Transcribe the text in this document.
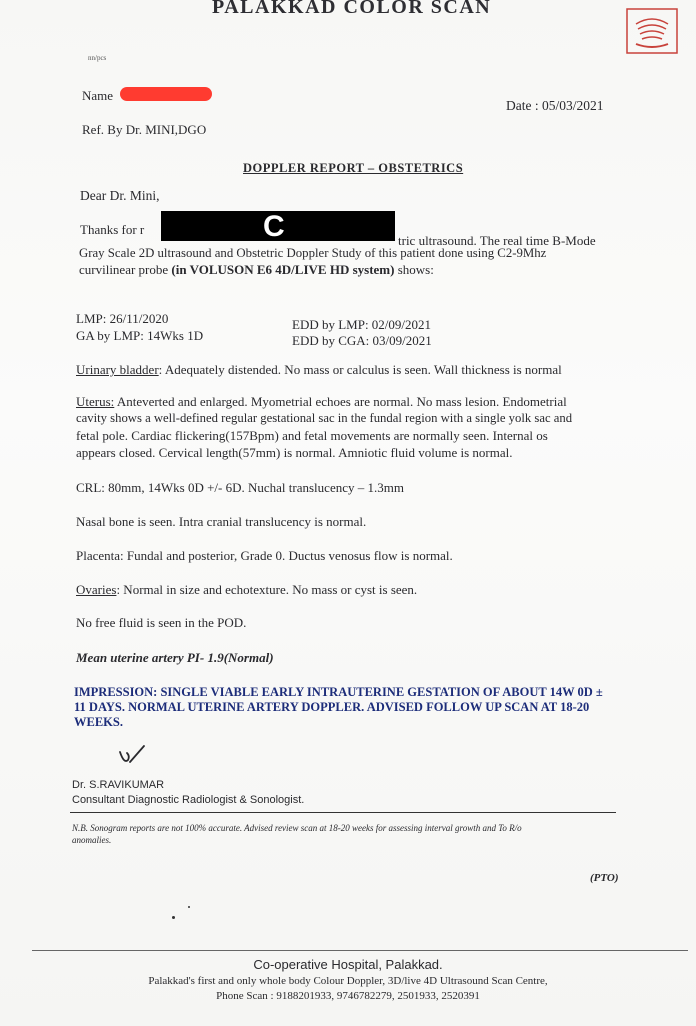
PALAKKAD COLOR SCAN
nn/pcs
Name
Date : 05/03/2021
Ref. By Dr. MINI,DGO
DOPPLER REPORT – OBSTETRICS
Dear Dr. Mini,
Thanks for r
tric ultrasound. The real time B-Mode
Gray Scale 2D ultrasound and Obstetric Doppler Study of this patient done using C2-9Mhz
C
curvilinear probe (in VOLUSON E6 4D/LIVE HD system) shows:
LMP: 26/11/2020
GA by LMP: 14Wks 1D
EDD by LMP: 02/09/2021
EDD by CGA: 03/09/2021
Urinary bladder: Adequately distended. No mass or calculus is seen. Wall thickness is normal
Uterus: Anteverted and enlarged. Myometrial echoes are normal. No mass lesion. Endometrial
cavity shows a well-defined regular gestational sac in the fundal region with a single yolk sac and
fetal pole. Cardiac flickering(157Bpm) and fetal movements are normally seen. Internal os
appears closed. Cervical length(57mm) is normal. Amniotic fluid volume is normal.
CRL: 80mm, 14Wks 0D +/- 6D. Nuchal translucency – 1.3mm
Nasal bone is seen. Intra cranial translucency is normal.
Placenta: Fundal and posterior, Grade 0. Ductus venosus flow is normal.
Ovaries: Normal in size and echotexture. No mass or cyst is seen.
No free fluid is seen in the POD.
Mean uterine artery PI- 1.9(Normal)
IMPRESSION: SINGLE VIABLE EARLY INTRAUTERINE GESTATION OF ABOUT 14W 0D ±
11 DAYS. NORMAL UTERINE ARTERY DOPPLER. ADVISED FOLLOW UP SCAN AT 18-20
WEEKS.
Dr. S.RAVIKUMAR
Consultant Diagnostic Radiologist & Sonologist.
N.B. Sonogram reports are not 100% accurate. Advised review scan at 18-20 weeks for assessing interval growth and To R/o
anomalies.
(PTO)
Co-operative Hospital, Palakkad.
Palakkad's first and only whole body Colour Doppler, 3D/live 4D Ultrasound Scan Centre,
Phone Scan : 9188201933, 9746782279, 2501933, 2520391
